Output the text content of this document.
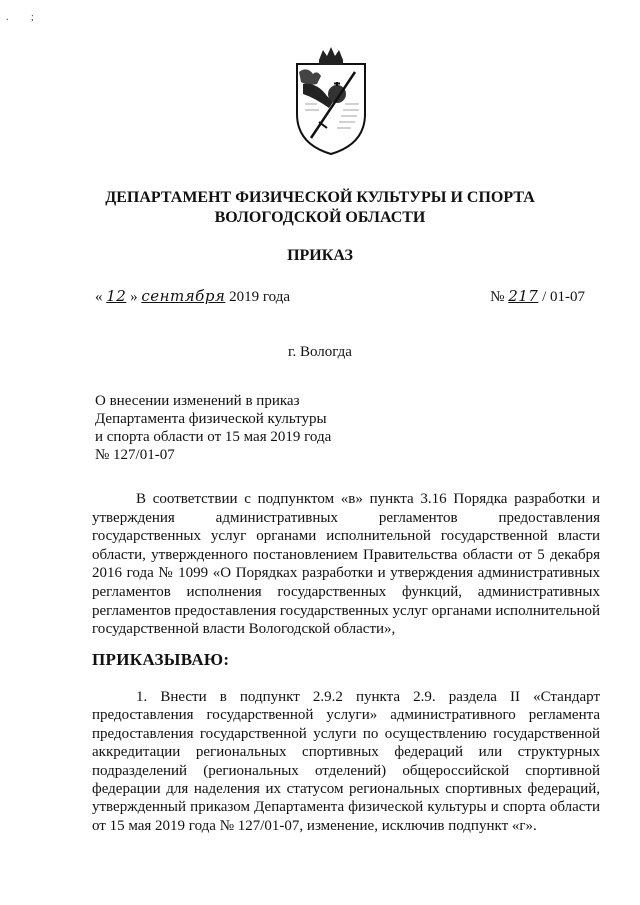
. ;
ДЕПАРТАМЕНТ ФИЗИЧЕСКОЙ КУЛЬТУРЫ И СПОРТА
ВОЛОГОДСКОЙ ОБЛАСТИ
ПРИКАЗ
« 12 » сентября 2019 года	№ 217 / 01-07
г. Вологда
О внесении изменений в приказ
Департамента физической культуры
и спорта области от 15 мая 2019 года
№ 127/01-07

В соответствии с подпунктом «в» пункта 3.16 Порядка разработки и утверждения административных регламентов предоставления государственных услуг органами исполнительной государственной власти области, утвержденного постановлением Правительства области от 5 декабря 2016 года № 1099 «О Порядках разработки и утверждения административных регламентов исполнения государственных функций, административных регламентов предоставления государственных услуг органами исполнительной государственной власти Вологодской области»,

ПРИКАЗЫВАЮ:

1. Внести в подпункт 2.9.2 пункта 2.9. раздела II «Стандарт предоставления государственной услуги» административного регламента предоставления государственной услуги по осуществлению государственной аккредитации региональных спортивных федераций или структурных подразделений (региональных отделений) общероссийской спортивной федерации для наделения их статусом региональных спортивных федераций, утвержденный приказом Департамента физической культуры и спорта области от 15 мая 2019 года № 127/01-07, изменение, исключив подпункт «г».
